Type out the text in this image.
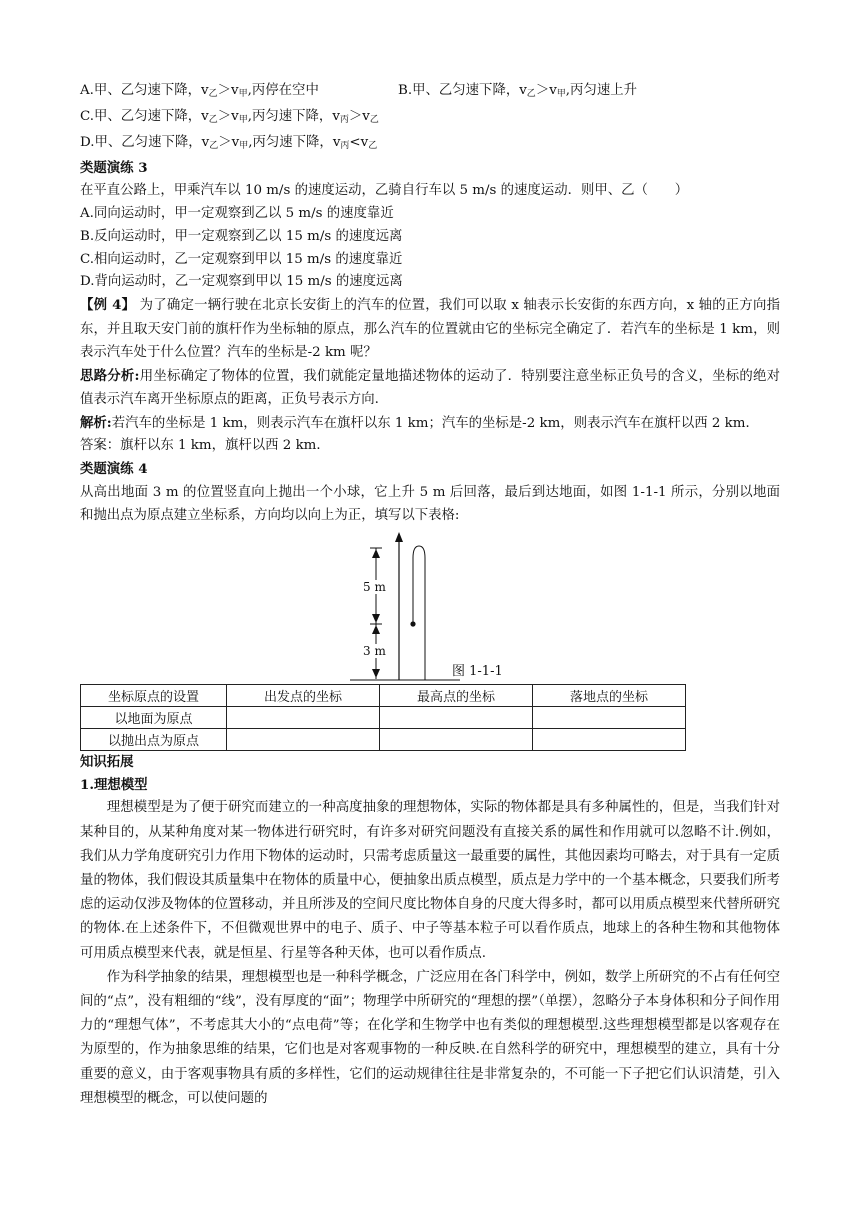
A.甲、乙匀速下降，$v_乙>v_甲$,丙停在空中	B.甲、乙匀速下降，$v_乙>v_甲$,丙匀速上升
C.甲、乙匀速下降，$v_乙>v_甲$,丙匀速下降，$v_丙>v_乙$
D.甲、乙匀速下降，$v_乙>v_甲$,丙匀速下降，$v_丙<v_乙$
类题演练 3
在平直公路上，甲乘汽车以 10 m/s 的速度运动，乙骑自行车以 5 m/s 的速度运动．则甲、乙（　　）
A.同向运动时，甲一定观察到乙以 5 m/s 的速度靠近
B.反向运动时，甲一定观察到乙以 15 m/s 的速度远离
C.相向运动时，乙一定观察到甲以 15 m/s 的速度靠近
D.背向运动时，乙一定观察到甲以 15 m/s 的速度远离

【例 4】 为了确定一辆行驶在北京长安街上的汽车的位置，我们可以取 x 轴表示长安街的东西方向，x 轴的正方向指东，并且取天安门前的旗杆作为坐标轴的原点，那么汽车的位置就由它的坐标完全确定了．若汽车的坐标是 1 km，则表示汽车处于什么位置？汽车的坐标是-2 km 呢？

思路分析:用坐标确定了物体的位置，我们就能定量地描述物体的运动了．特别要注意坐标正负号的含义，坐标的绝对值表示汽车离开坐标原点的距离，正负号表示方向.

解析:若汽车的坐标是 1 km，则表示汽车在旗杆以东 1 km；汽车的坐标是-2 km，则表示汽车在旗杆以西 2 km．

答案：旗杆以东 1 km，旗杆以西 2 km．
类题演练 4

从高出地面 3 m 的位置竖直向上抛出一个小球，它上升 5 m 后回落，最后到达地面，如图 1-1-1 所示，分别以地面和抛出点为原点建立坐标系，方向均以向上为正，填写以下表格:

5 m
3 m
图 1-1-1
坐标原点的设置	出发点的坐标	最高点的坐标	落地点的坐标
以地面为原点			
以抛出点为原点			
知识拓展
1.理想模型

理想模型是为了便于研究而建立的一种高度抽象的理想物体，实际的物体都是具有多种属性的，但是，当我们针对某种目的，从某种角度对某一物体进行研究时，有许多对研究问题没有直接关系的属性和作用就可以忽略不计.例如，我们从力学角度研究引力作用下物体的运动时，只需考虑质量这一最重要的属性，其他因素均可略去，对于具有一定质量的物体，我们假设其质量集中在物体的质量中心，便抽象出质点模型，质点是力学中的一个基本概念，只要我们所考虑的运动仅涉及物体的位置移动，并且所涉及的空间尺度比物体自身的尺度大得多时，都可以用质点模型来代替所研究的物体.在上述条件下，不但微观世界中的电子、质子、中子等基本粒子可以看作质点，地球上的各种生物和其他物体可用质点模型来代表，就是恒星、行星等各种天体，也可以看作质点.

作为科学抽象的结果，理想模型也是一种科学概念，广泛应用在各门科学中，例如，数学上所研究的不占有任何空间的“点”，没有粗细的“线”，没有厚度的“面”；物理学中所研究的“理想的摆”（单摆），忽略分子本身体积和分子间作用力的“理想气体”，不考虑其大小的“点电荷”等；在化学和生物学中也有类似的理想模型.这些理想模型都是以客观存在为原型的，作为抽象思维的结果，它们也是对客观事物的一种反映.在自然科学的研究中，理想模型的建立，具有十分重要的意义，由于客观事物具有质的多样性，它们的运动规律往往是非常复杂的，不可能一下子把它们认识清楚，引入理想模型的概念，可以使问题的
